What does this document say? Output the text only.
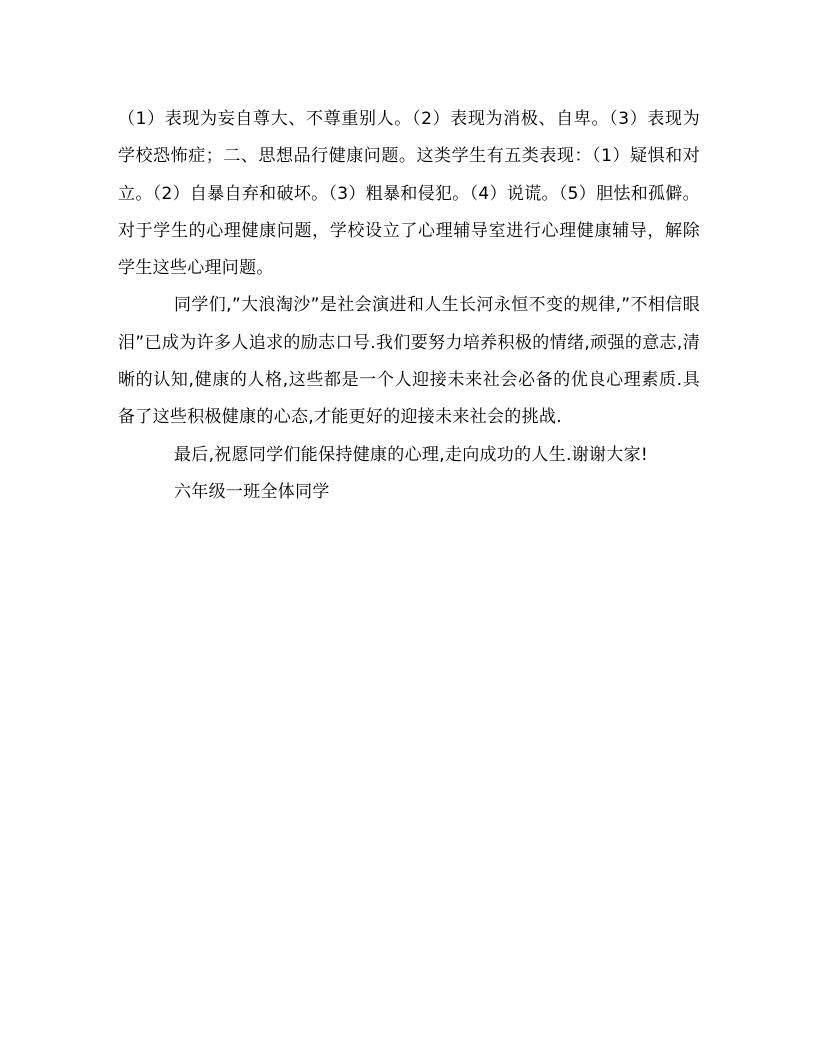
（1）表现为妄自尊大、不尊重别人。（2）表现为消极、自卑。（3）表现为学校恐怖症；二、思想品行健康问题。这类学生有五类表现：（1）疑惧和对立。（2）自暴自弃和破坏。（3）粗暴和侵犯。（4）说谎。（5）胆怯和孤僻。对于学生的心理健康问题，学校设立了心理辅导室进行心理健康辅导，解除学生这些心理问题。

同学们,”大浪淘沙”是社会演进和人生长河永恒不变的规律,”不相信眼泪”已成为许多人追求的励志口号.我们要努力培养积极的情绪,顽强的意志,清晰的认知,健康的人格,这些都是一个人迎接未来社会必备的优良心理素质.具备了这些积极健康的心态,才能更好的迎接未来社会的挑战.

最后,祝愿同学们能保持健康的心理,走向成功的人生.谢谢大家!

六年级一班全体同学
